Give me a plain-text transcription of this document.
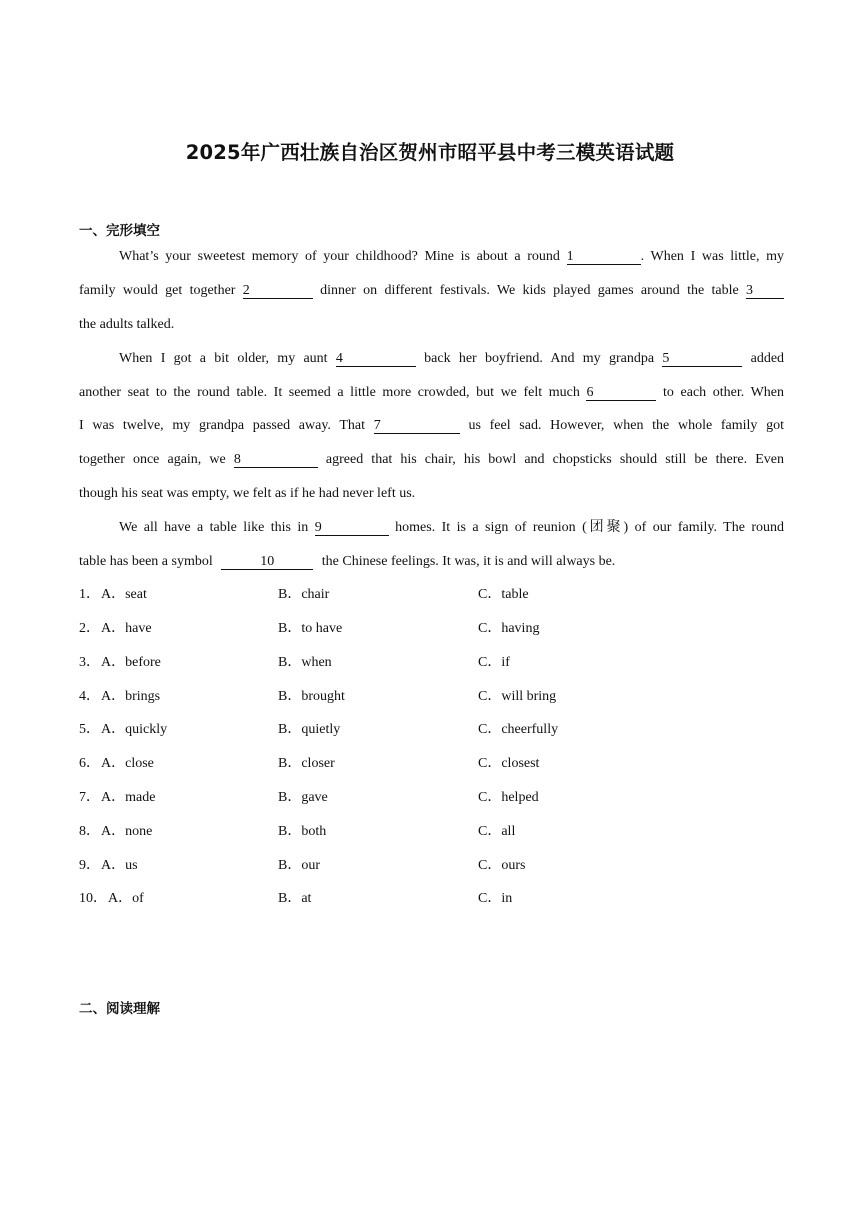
2025年广西壮族自治区贺州市昭平县中考三模英语试题
一、完形填空
What’s your sweetest memory of your childhood? Mine is about a round 1	. When I was little, my
family would get together 2	dinner on different festivals. We kids played games around the table 3
the adults talked.
When I got a bit older, my aunt 4	back her boyfriend. And my grandpa 5	added
another seat to the round table. It seemed a little more crowded, but we felt much 6	to each other. When
I was twelve, my grandpa passed away. That 7	us feel sad. However, when the whole family got
together once again, we 8	agreed that his chair, his bowl and chopsticks should still be there. Even
though his seat was empty, we felt as if he had never left us.
We all have a table like this in 9	homes. It is a sign of reunion (团聚) of our family. The round
table has been a symbol	10	the Chinese feelings. It was, it is and will always be.
1． A．seat	B．chair	C．table
2． A．have	B．to have	C．having
3． A．before	B．when	C．if
4． A．brings	B．brought	C．will bring
5． A．quickly	B．quietly	C．cheerfully
6． A．close	B．closer	C．closest
7． A．made	B．gave	C．helped
8． A．none	B．both	C．all
9． A．us	B．our	C．ours
10． A．of	B．at	C．in
二、阅读理解
